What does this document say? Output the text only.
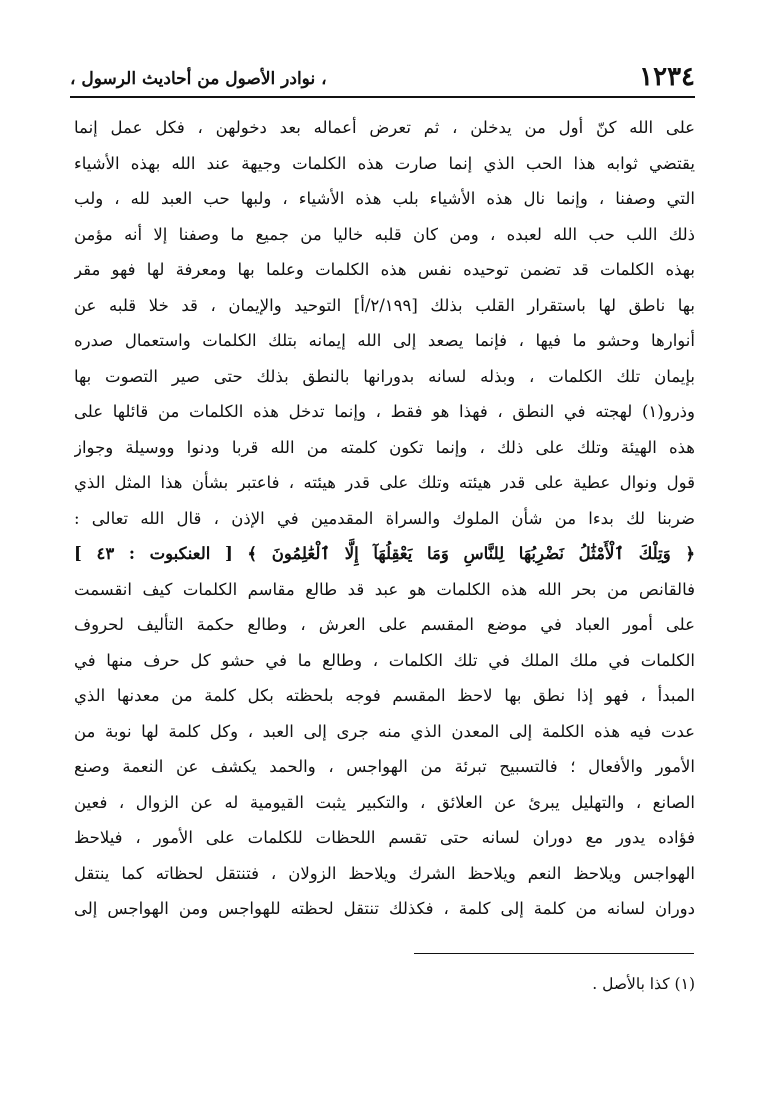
١٢٣٤
، نوادر الأصول من أحاديث الرسول ،
على الله كنّ أول من يدخلن ، ثم تعرض أعماله بعد دخولهن ، فكل عمل إنما
يقتضي ثوابه هذا الحب الذي إنما صارت هذه الكلمات وجيهة عند الله بهذه الأشياء
التي وصفنا ، وإنما نال هذه الأشياء بلب هذه الأشياء ، ولبها حب العبد لله ، ولب
ذلك اللب حب الله لعبده ، ومن كان قلبه خاليا من جميع ما وصفنا إلا أنه مؤمن
بهذه الكلمات قد تضمن توحيده نفس هذه الكلمات وعلما بها ومعرفة لها فهو مقر
بها ناطق لها باستقرار القلب بذلك [٢/١٩٩/أ] التوحيد والإيمان ، قد خلا قلبه عن
أنوارها وحشو ما فيها ، فإنما يصعد إلى الله إيمانه بتلك الكلمات واستعمال صدره
بإيمان تلك الكلمات ، وبذله لسانه بدورانها بالنطق بذلك حتى صير التصوت بها
وذرو(١) لهجته في النطق ، فهذا هو فقط ، وإنما تدخل هذه الكلمات من قائلها على
هذه الهيئة وتلك على ذلك ، وإنما تكون كلمته من الله قربا ودنوا ووسيلة وجواز
قول ونوال عطية على قدر هيئته وتلك على قدر هيئته ، فاعتبر بشأن هذا المثل الذي
ضربنا لك بدءا من شأن الملوك والسراة المقدمين في الإذن ، قال الله تعالى :
﴿ وَتِلْكَ ٱلْأَمْثَٰلُ نَضْرِبُهَا لِلنَّاسِ وَمَا يَعْقِلُهَآ إِلَّا ٱلْعَٰلِمُونَ ﴾ [ العنكبوت : ٤٣ ]
فالقانص من بحر الله هذه الكلمات هو عبد قد طالع مقاسم الكلمات كيف انقسمت
على أمور العباد في موضع المقسم على العرش ، وطالع حكمة التأليف لحروف
الكلمات في ملك الملك في تلك الكلمات ، وطالع ما في حشو كل حرف منها في
المبدأ ، فهو إذا نطق بها لاحظ المقسم فوجه بلحظته بكل كلمة من معدنها الذي
عدت فيه هذه الكلمة إلى المعدن الذي منه جرى إلى العبد ، وكل كلمة لها نوبة من
الأمور والأفعال ؛ فالتسبيح تبرئة من الهواجس ، والحمد يكشف عن النعمة وصنع
الصانع ، والتهليل يبرئ عن العلائق ، والتكبير يثبت القيومية له عن الزوال ، فعين
فؤاده يدور مع دوران لسانه حتى تقسم اللحظات للكلمات على الأمور ، فيلاحظ
الهواجس ويلاحظ النعم ويلاحظ الشرك ويلاحظ الزولان ، فتنتقل لحظاته كما ينتقل
دوران لسانه من كلمة إلى كلمة ، فكذلك تنتقل لحظته للهواجس ومن الهواجس إلى
(١) كذا بالأصل .
